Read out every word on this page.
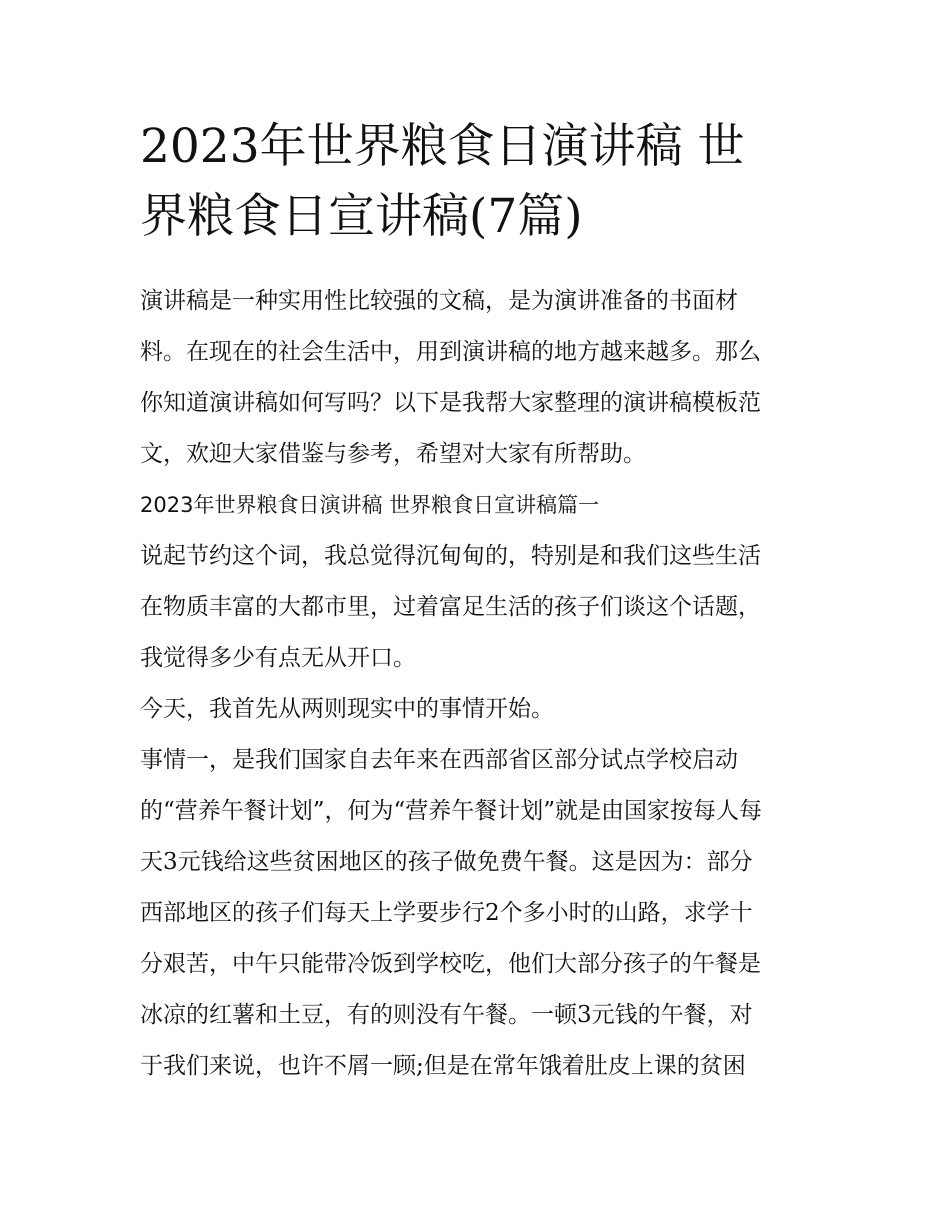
2023年世界粮食日演讲稿 世
界粮食日宣讲稿(7篇)

演讲稿是一种实用性比较强的文稿，是为演讲准备的书面材
料。在现在的社会生活中，用到演讲稿的地方越来越多。那么
你知道演讲稿如何写吗？以下是我帮大家整理的演讲稿模板范
文，欢迎大家借鉴与参考，希望对大家有所帮助。

2023年世界粮食日演讲稿 世界粮食日宣讲稿篇一

说起节约这个词，我总觉得沉甸甸的，特别是和我们这些生活
在物质丰富的大都市里，过着富足生活的孩子们谈这个话题，
我觉得多少有点无从开口。

今天，我首先从两则现实中的事情开始。

事情一，是我们国家自去年来在西部省区部分试点学校启动
的“营养午餐计划”，何为“营养午餐计划”就是由国家按每人每
天3元钱给这些贫困地区的孩子做免费午餐。这是因为：部分
西部地区的孩子们每天上学要步行2个多小时的山路，求学十
分艰苦，中午只能带冷饭到学校吃，他们大部分孩子的午餐是
冰凉的红薯和土豆，有的则没有午餐。一顿3元钱的午餐，对
于我们来说，也许不屑一顾;但是在常年饿着肚皮上课的贫困
